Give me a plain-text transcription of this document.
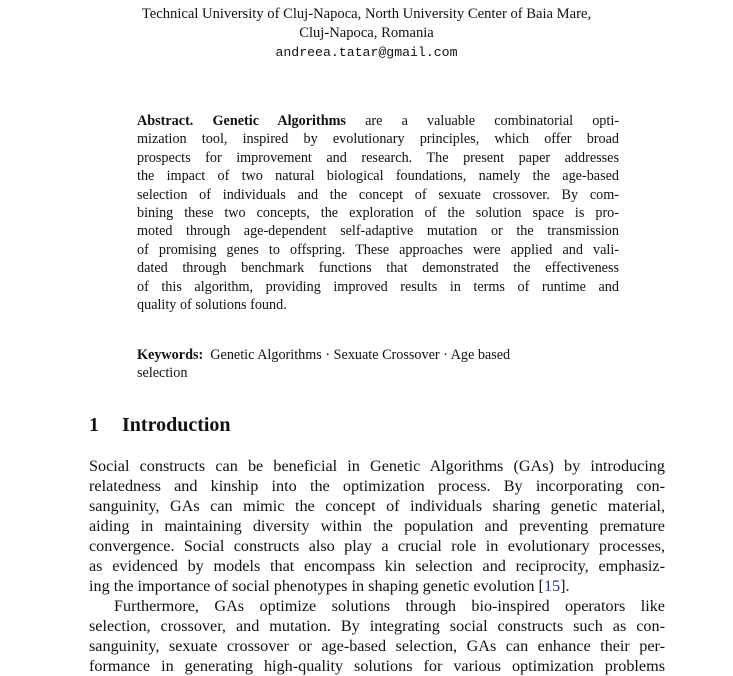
Technical University of Cluj-Napoca, North University Center of Baia Mare,
Cluj-Napoca, Romania
andreea.tatar@gmail.com
Abstract. Genetic Algorithms are a valuable combinatorial opti-
mization tool, inspired by evolutionary principles, which offer broad
prospects for improvement and research. The present paper addresses
the impact of two natural biological foundations, namely the age-based
selection of individuals and the concept of sexuate crossover. By com-
bining these two concepts, the exploration of the solution space is pro-
moted through age-dependent self-adaptive mutation or the transmission
of promising genes to offspring. These approaches were applied and vali-
dated through benchmark functions that demonstrated the effectiveness
of this algorithm, providing improved results in terms of runtime and
quality of solutions found.
Keywords: Genetic Algorithms · Sexuate Crossover · Age based
selection
1 Introduction
Social constructs can be beneficial in Genetic Algorithms (GAs) by introducing
relatedness and kinship into the optimization process. By incorporating con-
sanguinity, GAs can mimic the concept of individuals sharing genetic material,
aiding in maintaining diversity within the population and preventing premature
convergence. Social constructs also play a crucial role in evolutionary processes,
as evidenced by models that encompass kin selection and reciprocity, emphasiz-
ing the importance of social phenotypes in shaping genetic evolution [15].
Furthermore, GAs optimize solutions through bio-inspired operators like
selection, crossover, and mutation. By integrating social constructs such as con-
sanguinity, sexuate crossover or age-based selection, GAs can enhance their per-
formance in generating high-quality solutions for various optimization problems
